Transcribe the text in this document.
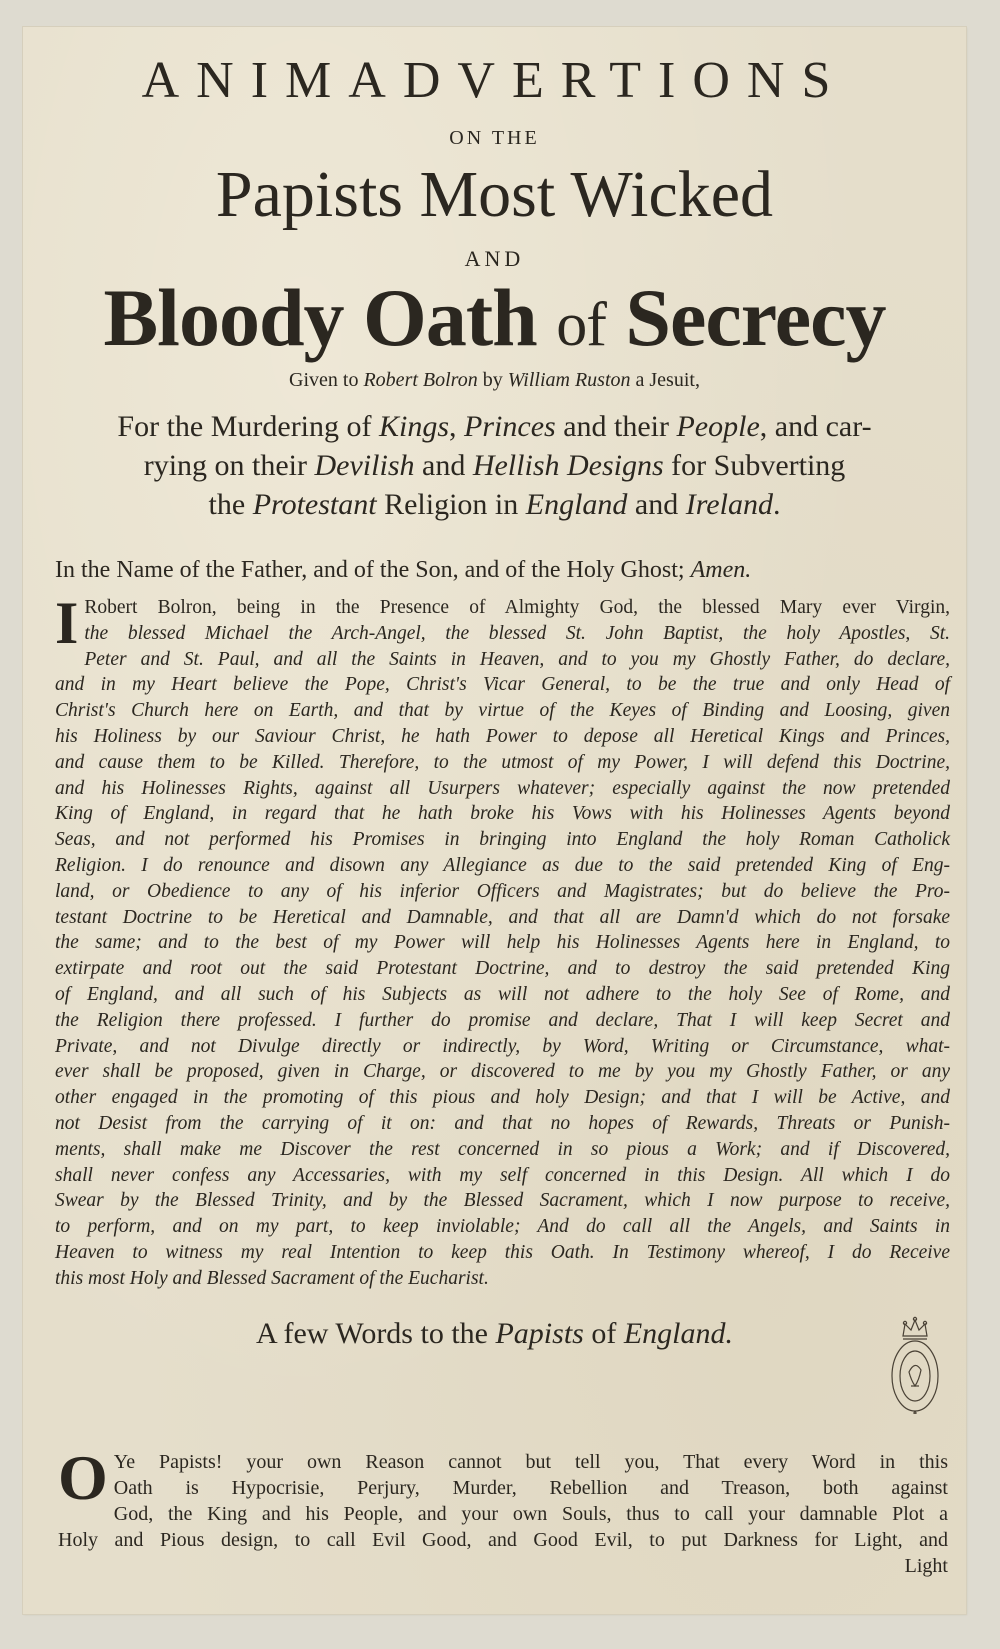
ANIMADVERTIONS
ON THE
Papists Most Wicked
AND
Bloody Oath of Secrecy
Given to Robert Bolron by William Ruston a Jesuit,
For the Murdering of Kings, Princes and their People, and car-
rying on their Devilish and Hellish Designs for Subverting
the Protestant Religion in England and Ireland.
In the Name of the Father, and of the Son, and of the Holy Ghost; Amen.
I Robert Bolron, being in the Presence of Almighty God, the blessed Mary ever Virgin,
the blessed Michael the Arch-Angel, the blessed St. John Baptist, the holy Apostles, St.
Peter and St. Paul, and all the Saints in Heaven, and to you my Ghostly Father, do declare,
and in my Heart believe the Pope, Christ's Vicar General, to be the true and only Head of
Christ's Church here on Earth, and that by virtue of the Keyes of Binding and Loosing, given
his Holiness by our Saviour Christ, he hath Power to depose all Heretical Kings and Princes,
and cause them to be Killed. Therefore, to the utmost of my Power, I will defend this Doctrine,
and his Holinesses Rights, against all Usurpers whatever; especially against the now pretended
King of England, in regard that he hath broke his Vows with his Holinesses Agents beyond
Seas, and not performed his Promises in bringing into England the holy Roman Catholick
Religion. I do renounce and disown any Allegiance as due to the said pretended King of Eng-
land, or Obedience to any of his inferior Officers and Magistrates; but do believe the Pro-
testant Doctrine to be Heretical and Damnable, and that all are Damn'd which do not forsake
the same; and to the best of my Power will help his Holinesses Agents here in England, to
extirpate and root out the said Protestant Doctrine, and to destroy the said pretended King
of England, and all such of his Subjects as will not adhere to the holy See of Rome, and
the Religion there professed. I further do promise and declare, That I will keep Secret and
Private, and not Divulge directly or indirectly, by Word, Writing or Circumstance, what-
ever shall be proposed, given in Charge, or discovered to me by you my Ghostly Father, or any
other engaged in the promoting of this pious and holy Design; and that I will be Active, and
not Desist from the carrying of it on: and that no hopes of Rewards, Threats or Punish-
ments, shall make me Discover the rest concerned in so pious a Work; and if Discovered,
shall never confess any Accessaries, with my self concerned in this Design. All which I do
Swear by the Blessed Trinity, and by the Blessed Sacrament, which I now purpose to receive,
to perform, and on my part, to keep inviolable; And do call all the Angels, and Saints in
Heaven to witness my real Intention to keep this Oath. In Testimony whereof, I do Receive
this most Holy and Blessed Sacrament of the Eucharist.
A few Words to the Papists of England.
O Ye Papists! your own Reason cannot but tell you, That every Word in this
Oath is Hypocrisie, Perjury, Murder, Rebellion and Treason, both against
God, the King and his People, and your own Souls, thus to call your damnable Plot a
Holy and Pious design, to call Evil Good, and Good Evil, to put Darkness for Light, and
Light
